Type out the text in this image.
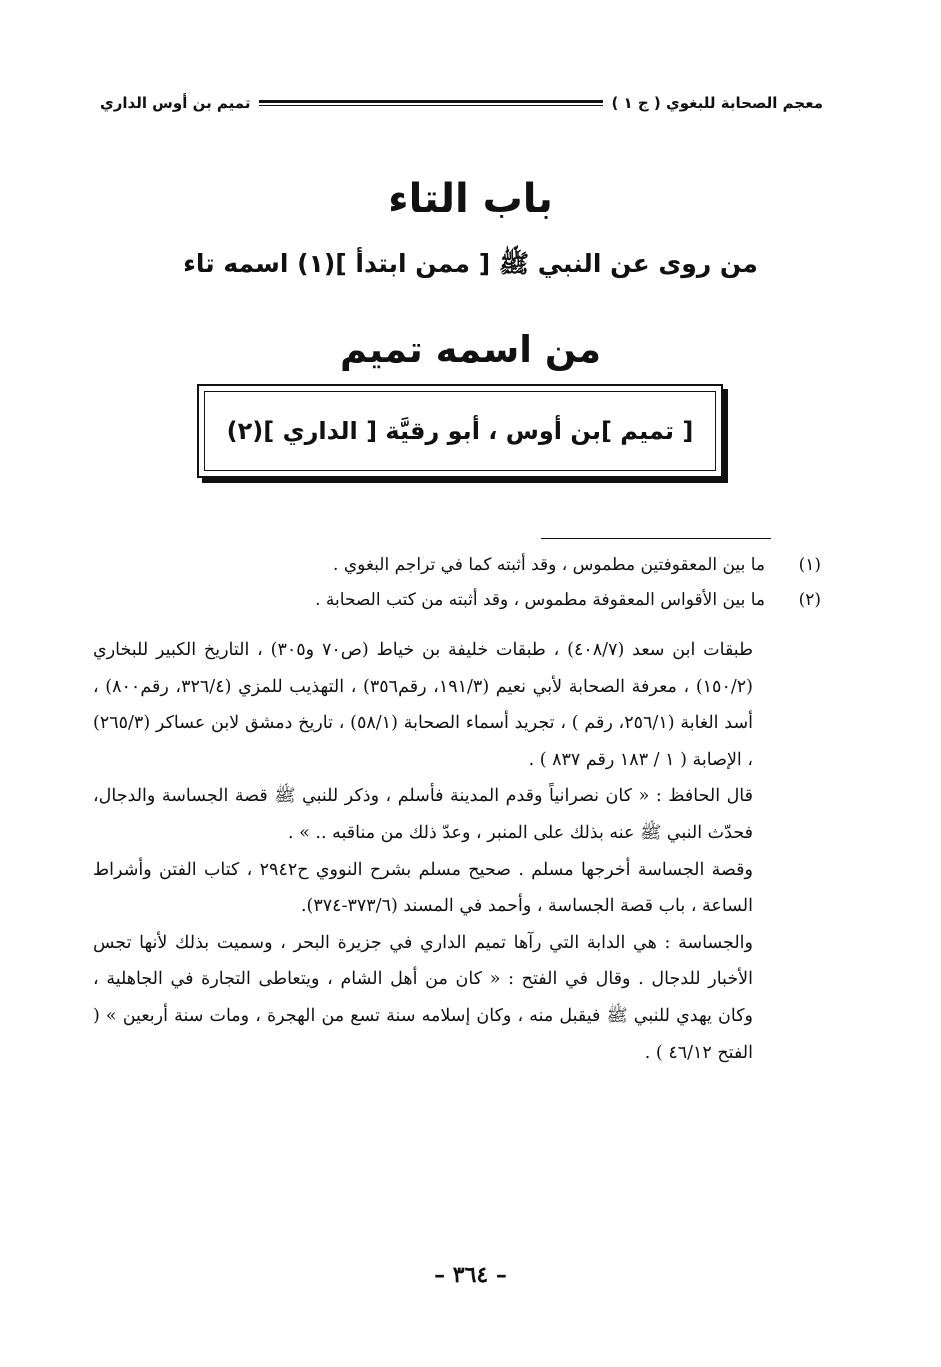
معجم الصحابة للبغوي ( ج ١ )
تميم بن أوس الداري
باب التاء
من روى عن النبي ﷺ [ ممن ابتدأ ](١) اسمه تاء
من اسمه تميم
[ تميم ]بن أوس ، أبو رقيَّة [ الداري ](٢)
(١)
ما بين المعقوفتين مطموس ، وقد أثبته كما في تراجم البغوي .
(٢)
ما بين الأقواس المعقوفة مطموس ، وقد أثبته من كتب الصحابة .

طبقات ابن سعد (٤٠٨/٧) ، طبقات خليفة بن خياط (ص٧٠ و٣٠٥) ، التاريخ الكبير للبخاري (١٥٠/٢) ، معرفة الصحابة لأبي نعيم (١٩١/٣، رقم٣٥٦) ، التهذيب للمزي (٣٢٦/٤، رقم٨٠٠) ، أسد الغابة (٢٥٦/١، رقم ) ، تجريد أسماء الصحابة (٥٨/١) ، تاريخ دمشق لابن عساكر (٢٦٥/٣) ، الإصابة ( ١ / ١٨٣ رقم ٨٣٧ ) .

قال الحافظ : « كان نصرانياً وقدم المدينة فأسلم ، وذكر للنبي ﷺ قصة الجساسة والدجال، فحدّث النبي ﷺ عنه بذلك على المنبر ، وعدّ ذلك من مناقبه .. » .

وقصة الجساسة أخرجها مسلم . صحيح مسلم بشرح النووي ح٢٩٤٢ ، كتاب الفتن وأشراط الساعة ، باب قصة الجساسة ، وأحمد في المسند (٣٧٣/٦-٣٧٤).

والجساسة : هي الدابة التي رآها تميم الداري في جزيرة البحر ، وسميت بذلك لأنها تجس الأخبار للدجال . وقال في الفتح : « كان من أهل الشام ، ويتعاطى التجارة في الجاهلية ، وكان يهدي للنبي ﷺ فيقبل منه ، وكان إسلامه سنة تسع من الهجرة ، ومات سنة أربعين » ( الفتح ٤٦/١٢ ) .

– ٣٦٤ –
